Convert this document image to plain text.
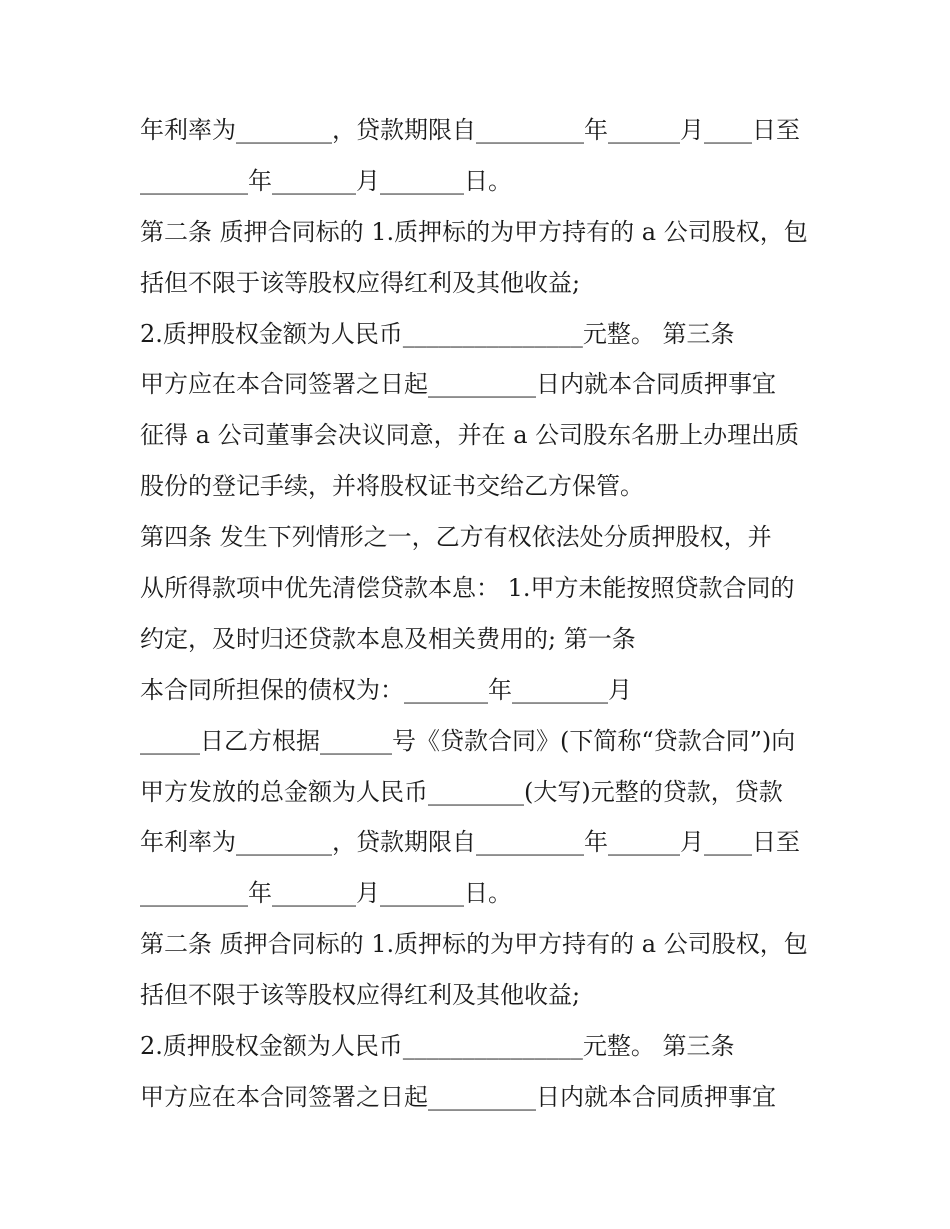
年利率为________，贷款期限自_________年______月____日至
_________年_______月_______日。
第二条 质押合同标的 1.质押标的为甲方持有的 a 公司股权，包
括但不限于该等股权应得红利及其他收益;
2.质押股权金额为人民币_______________元整。 第三条
甲方应在本合同签署之日起_________日内就本合同质押事宜
征得 a 公司董事会决议同意，并在 a 公司股东名册上办理出质
股份的登记手续，并将股权证书交给乙方保管。
第四条 发生下列情形之一，乙方有权依法处分质押股权，并
从所得款项中优先清偿贷款本息： 1.甲方未能按照贷款合同的
约定，及时归还贷款本息及相关费用的; 第一条
本合同所担保的债权为：_______年________月
_____日乙方根据______号《贷款合同》(下简称“贷款合同”)向
甲方发放的总金额为人民币________(大写)元整的贷款，贷款
年利率为________，贷款期限自_________年______月____日至
_________年_______月_______日。
第二条 质押合同标的 1.质押标的为甲方持有的 a 公司股权，包
括但不限于该等股权应得红利及其他收益;
2.质押股权金额为人民币_______________元整。 第三条
甲方应在本合同签署之日起_________日内就本合同质押事宜
